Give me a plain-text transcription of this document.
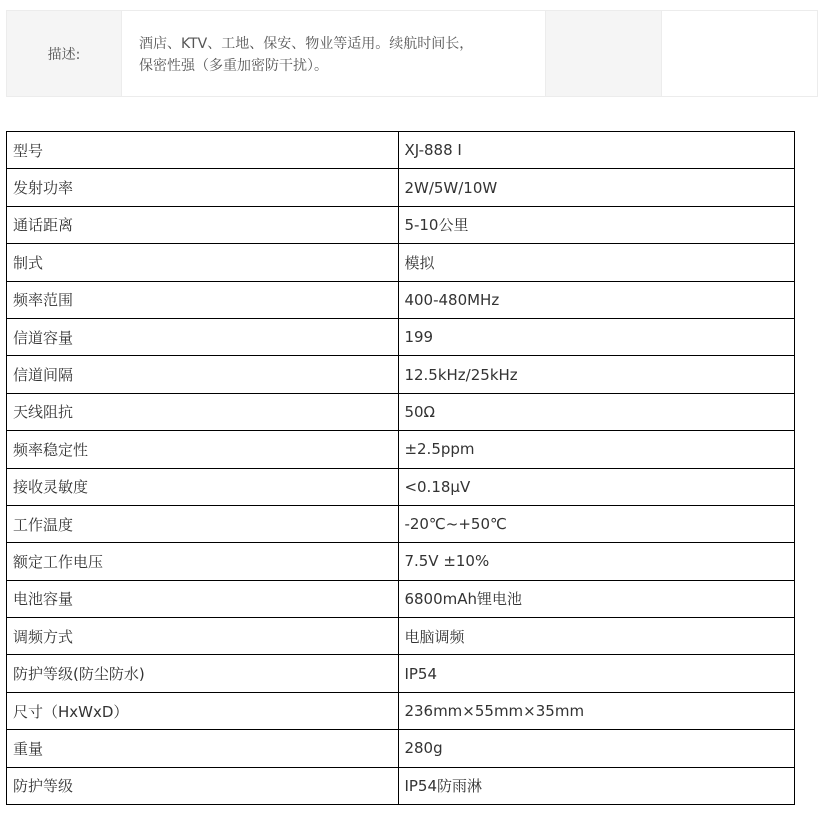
描述:
酒店、KTV、工地、保安、物业等适用。续航时间长，
保密性强（多重加密防干扰）。
型号	XJ-888 Ⅰ
发射功率	2W/5W/10W
通话距离	5-10公里
制式	模拟
频率范围	400-480MHz
信道容量	199
信道间隔	12.5kHz/25kHz
天线阻抗	50Ω
频率稳定性	±2.5ppm
接收灵敏度	<0.18μV
工作温度	-20℃~+50℃
额定工作电压	7.5V ±10%
电池容量	6800mAh锂电池
调频方式	电脑调频
防护等级(防尘防水)	IP54
尺寸（HxWxD）	236mm×55mm×35mm
重量	280g
防护等级	IP54防雨淋
